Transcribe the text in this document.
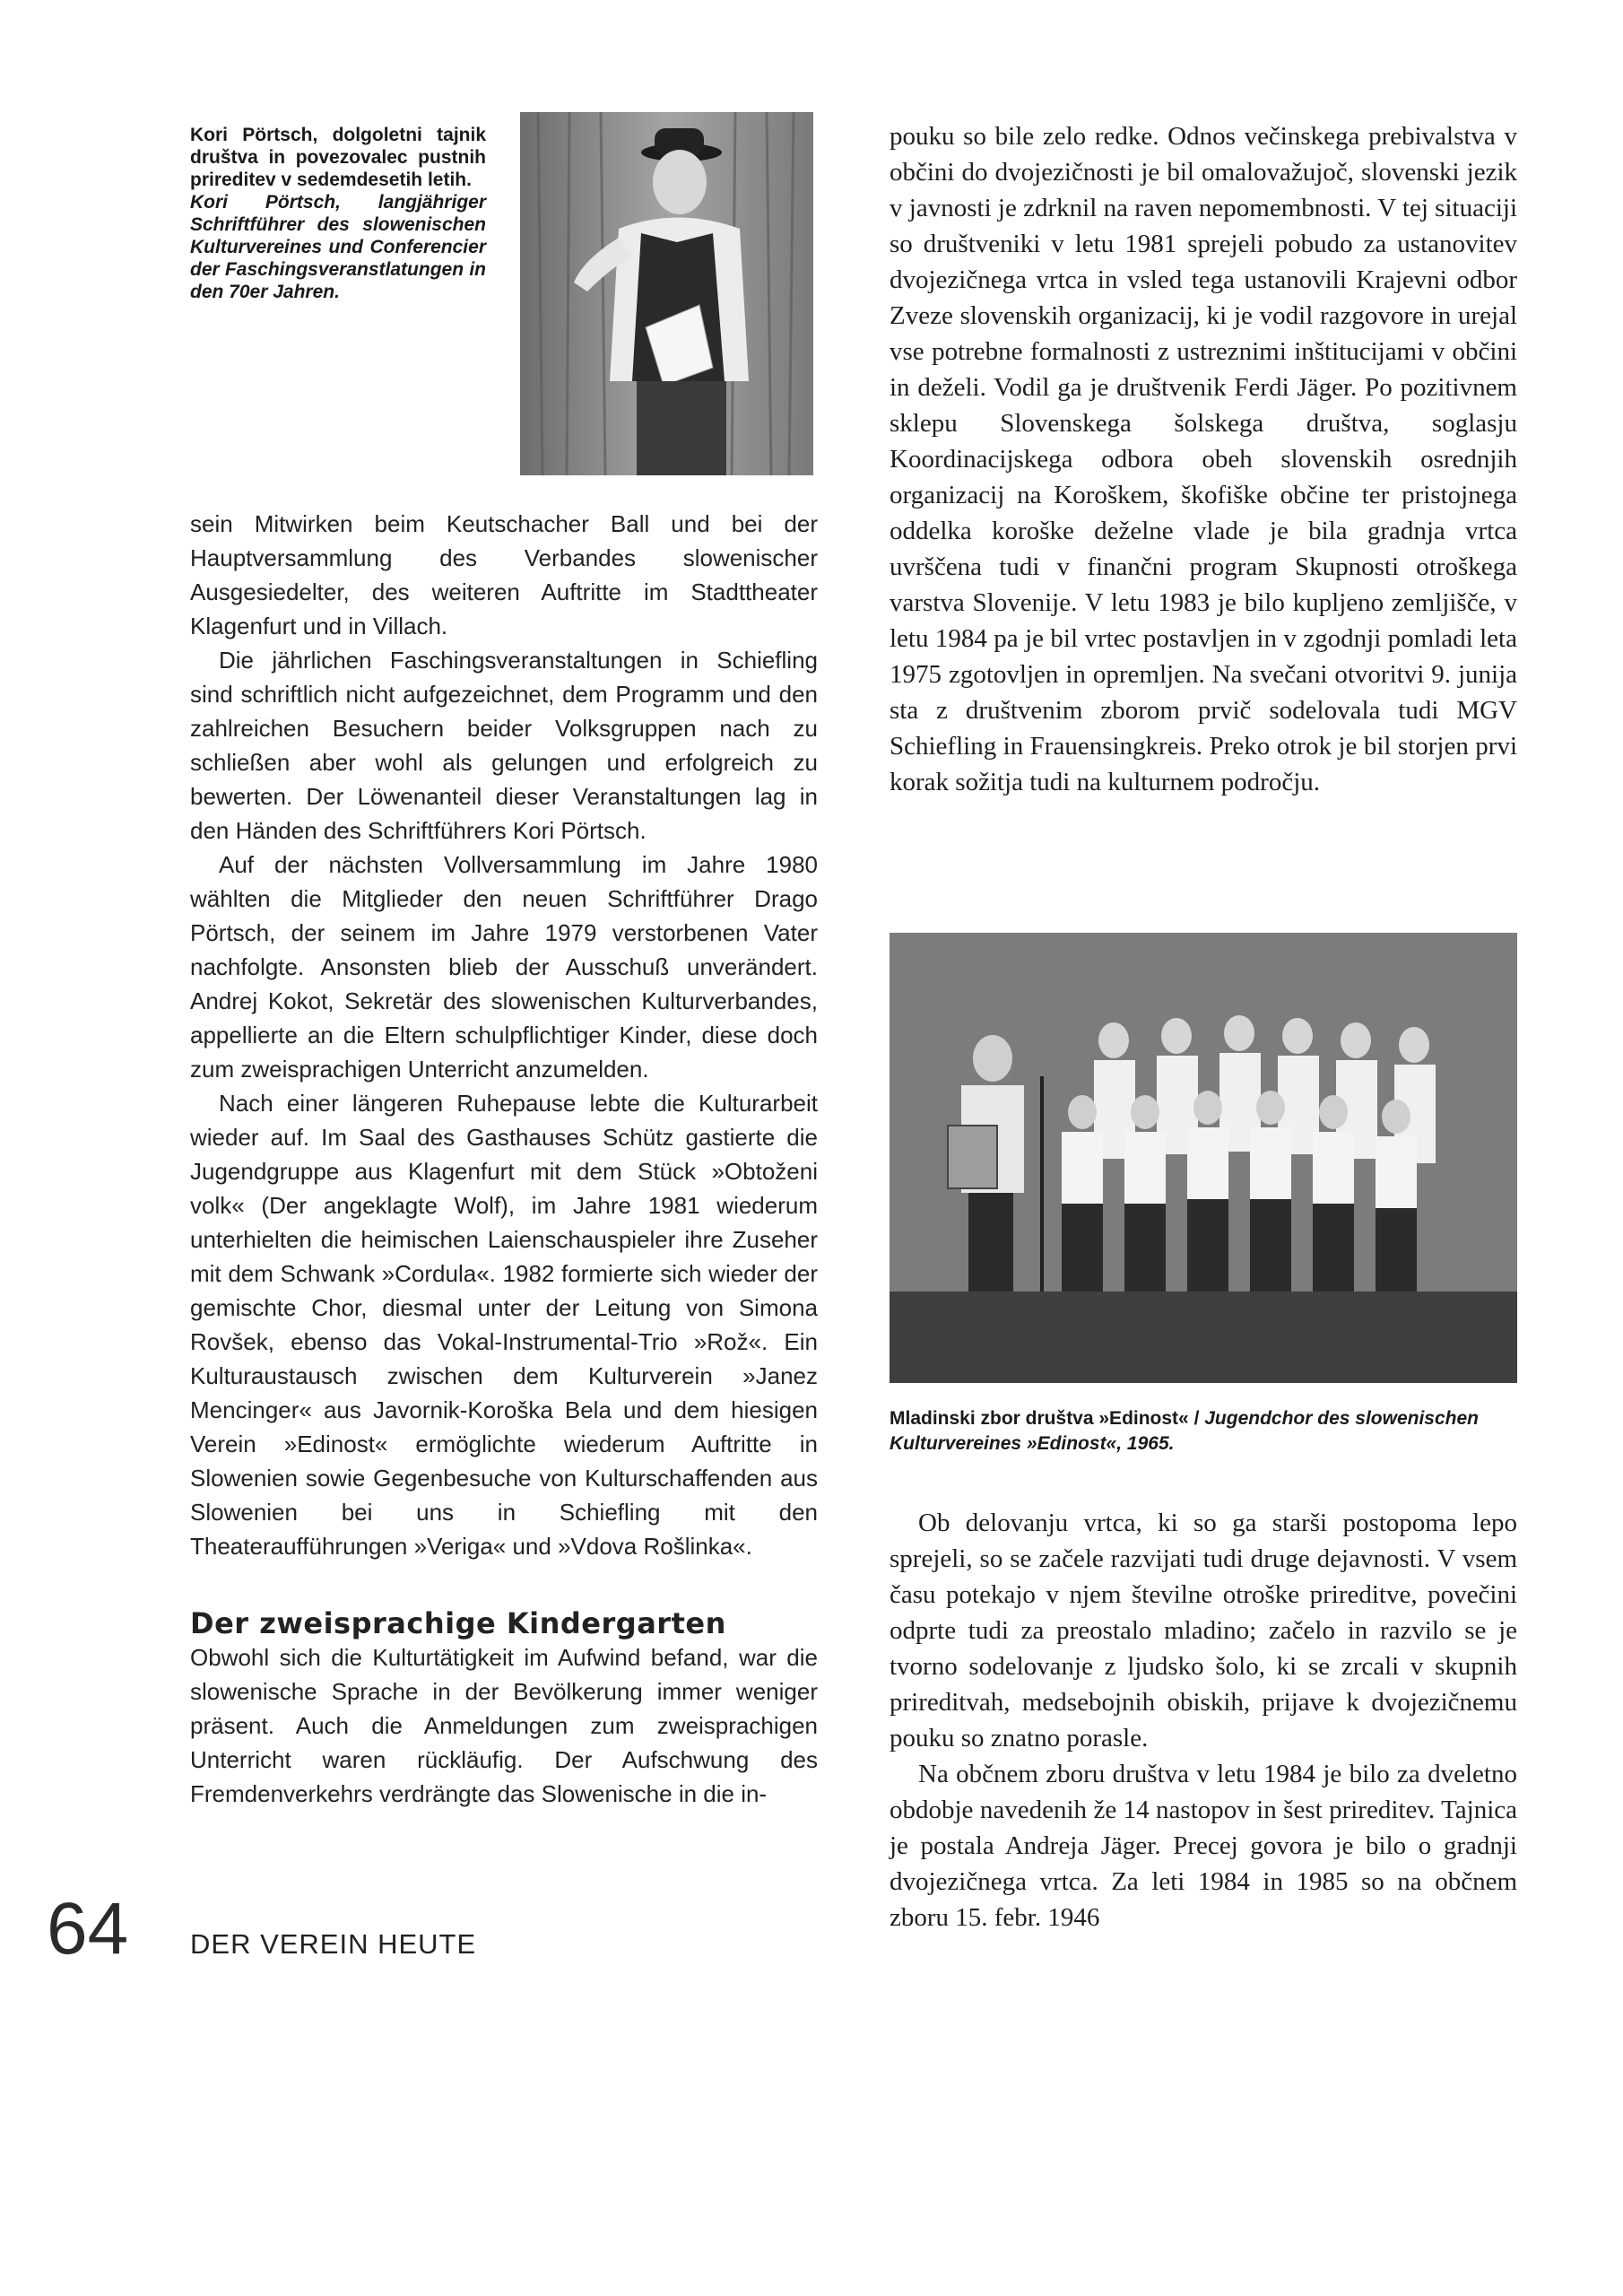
Kori Pörtsch, dolgoletni tajnik društva in povezovalec pustnih prireditev v sedemdesetih letih.
Kori Pörtsch, langjähriger Schriftführer des slowenischen Kulturvereines und Conferencier der Faschingsveranstlatungen in den 70er Jahren.

sein Mitwirken beim Keutschacher Ball und bei der Hauptversammlung des Verbandes slowenischer Ausgesiedelter, des weiteren Auftritte im Stadttheater Klagenfurt und in Villach.

Die jährlichen Faschingsveranstaltungen in Schiefling sind schriftlich nicht aufgezeichnet, dem Programm und den zahlreichen Besuchern beider Volksgruppen nach zu schließen aber wohl als gelungen und erfolgreich zu bewerten. Der Löwenanteil dieser Veranstaltungen lag in den Händen des Schriftführers Kori Pörtsch.

Auf der nächsten Vollversammlung im Jahre 1980 wählten die Mitglieder den neuen Schriftführer Drago Pörtsch, der seinem im Jahre 1979 verstorbenen Vater nachfolgte. Ansonsten blieb der Ausschuß unverändert. Andrej Kokot, Sekretär des slowenischen Kulturverbandes, appellierte an die Eltern schulpflichtiger Kinder, diese doch zum zweisprachigen Unterricht anzumelden.

Nach einer längeren Ruhepause lebte die Kulturarbeit wieder auf. Im Saal des Gasthauses Schütz gastierte die Jugendgruppe aus Klagenfurt mit dem Stück »Obtoženi volk« (Der angeklagte Wolf), im Jahre 1981 wiederum unterhielten die heimischen Laienschauspieler ihre Zuseher mit dem Schwank »Cordula«. 1982 formierte sich wieder der gemischte Chor, diesmal unter der Leitung von Simona Rovšek, ebenso das Vokal-Instrumental-Trio »Rož«. Ein Kulturaustausch zwischen dem Kulturverein »Janez Mencinger« aus Javornik-Koroška Bela und dem hiesigen Verein »Edinost« ermöglichte wiederum Auftritte in Slowenien sowie Gegenbesuche von Kulturschaffenden aus Slowenien bei uns in Schiefling mit den Theateraufführungen »Veriga« und »Vdova Rošlinka«.

Der zweisprachige Kindergarten

Obwohl sich die Kulturtätigkeit im Aufwind befand, war die slowenische Sprache in der Bevölkerung immer weniger präsent. Auch die Anmeldungen zum zweisprachigen Unterricht waren rückläufig. Der Aufschwung des Fremdenverkehrs verdrängte das Slowenische in die in-

pouku so bile zelo redke. Odnos večinskega prebivalstva v občini do dvojezičnosti je bil omalovažujoč, slovenski jezik v javnosti je zdrknil na raven nepomembnosti. V tej situaciji so društveniki v letu 1981 sprejeli pobudo za ustanovitev dvojezičnega vrtca in vsled tega ustanovili Krajevni odbor Zveze slovenskih organizacij, ki je vodil razgovore in urejal vse potrebne formalnosti z ustreznimi inštitucijami v občini in deželi. Vodil ga je društvenik Ferdi Jäger. Po pozitivnem sklepu Slovenskega šolskega društva, soglasju Koordinacijskega odbora obeh slovenskih osrednjih organizacij na Koroškem, škofiške občine ter pristojnega oddelka koroške deželne vlade je bila gradnja vrtca uvrščena tudi v finančni program Skupnosti otroškega varstva Slovenije. V letu 1983 je bilo kupljeno zemljišče, v letu 1984 pa je bil vrtec postavljen in v zgodnji pomladi leta 1975 zgotovljen in opremljen. Na svečani otvoritvi 9. junija sta z društvenim zborom prvič sodelovala tudi MGV Schiefling in Frauensingkreis. Preko otrok je bil storjen prvi korak sožitja tudi na kulturnem področju.

Mladinski zbor društva »Edinost« / Jugendchor des slowenischen Kulturvereines »Edinost«, 1965.

Ob delovanju vrtca, ki so ga starši postopoma lepo sprejeli, so se začele razvijati tudi druge dejavnosti. V vsem času potekajo v njem številne otroške prireditve, povečini odprte tudi za preostalo mladino; začelo in razvilo se je tvorno sodelovanje z ljudsko šolo, ki se zrcali v skupnih prireditvah, medsebojnih obiskih, prijave k dvojezičnemu pouku so znatno porasle.

Na občnem zboru društva v letu 1984 je bilo za dveletno obdobje navedenih že 14 nastopov in šest prireditev. Tajnica je postala Andreja Jäger. Precej govora je bilo o gradnji dvojezičnega vrtca. Za leti 1984 in 1985 so na občnem zboru 15. febr. 1946

64 DER VEREIN HEUTE
